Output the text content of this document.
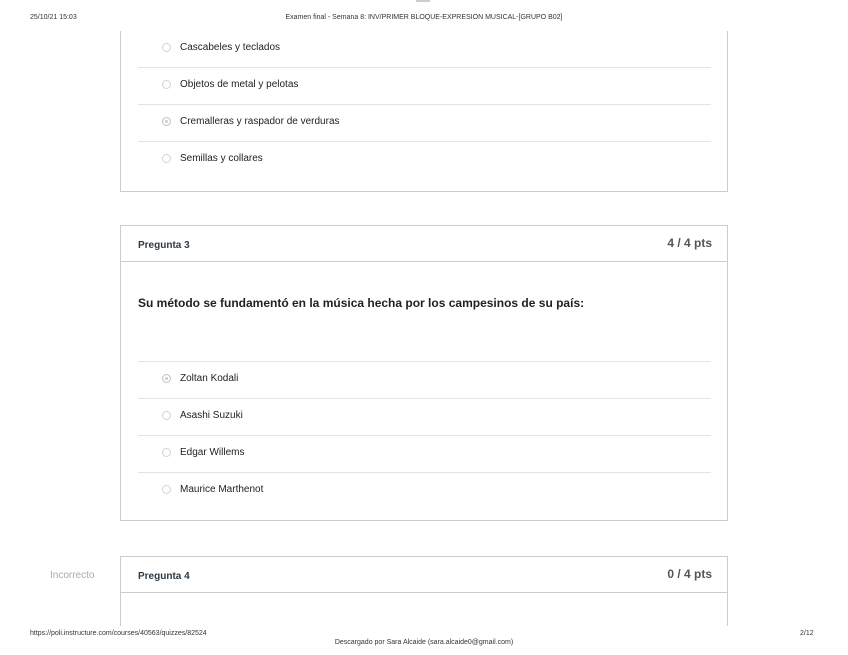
25/10/21 15:03	Examen final - Semana 8: INV/PRIMER BLOQUE-EXPRESION MUSICAL-[GRUPO B02]
Cascabeles y teclados
Objetos de metal y pelotas
Cremalleras y raspador de verduras
Semillas y collares
Pregunta 3	4 / 4 pts
Su método se fundamentó en la música hecha por los campesinos de su país:
Zoltan Kodali
Asashi Suzuki
Edgar Willems
Maurice Marthenot
Incorrecto	Pregunta 4	0 / 4 pts
https://poli.instructure.com/courses/40563/quizzes/82524
Descargado por Sara Alcaide (sara.alcaide0@gmail.com)
2/12
